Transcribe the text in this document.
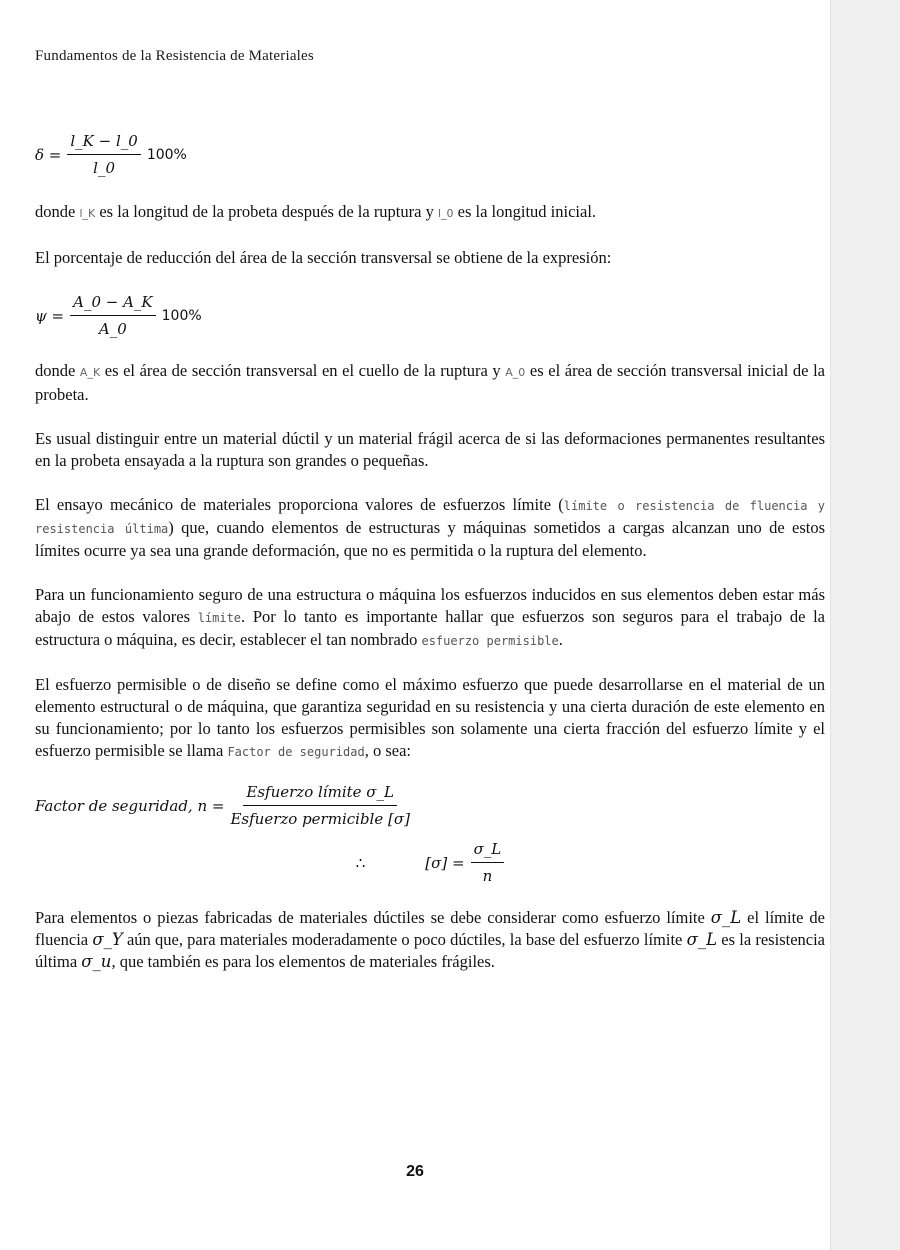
Fundamentos de la Resistencia de Materiales
$\delta = \frac{l\_K - l\_0}{l\_0} 100\%$

donde l_K es la longitud de la probeta después de la ruptura y l_0 es la longitud inicial.

El porcentaje de reducción del área de la sección transversal se obtiene de la expresión:

$\psi = \frac{A\_0 - A\_K}{A\_0} 100\%$

donde A_K es el área de sección transversal en el cuello de la ruptura y A_0 es el área de sección transversal inicial de la probeta.

Es usual distinguir entre un material dúctil y un material frágil acerca de si las deformaciones permanentes resultantes en la probeta ensayada a la ruptura son grandes o pequeñas.

El ensayo mecánico de materiales proporciona valores de esfuerzos límite (límite o resistencia de fluencia y resistencia última) que, cuando elementos de estructuras y máquinas sometidos a cargas alcanzan uno de estos límites ocurre ya sea una grande deformación, que no es permitida o la ruptura del elemento.

Para un funcionamiento seguro de una estructura o máquina los esfuerzos inducidos en sus elementos deben estar más abajo de estos valores límite. Por lo tanto es importante hallar que esfuerzos son seguros para el trabajo de la estructura o máquina, es decir, establecer el tan nombrado esfuerzo permisible.

El esfuerzo permisible o de diseño se define como el máximo esfuerzo que puede desarrollarse en el material de un elemento estructural o de máquina, que garantiza seguridad en su resistencia y una cierta duración de este elemento en su funcionamiento; por lo tanto los esfuerzos permisibles son solamente una cierta fracción del esfuerzo límite y el esfuerzo permisible se llama Factor de seguridad, o sea:

Factor de seguridad, $n = \frac{\text{Esfuerzo límite σ\_L}}{\text{Esfuerzo permicible [σ]}}$
∴	$[\sigma] = \frac{\sigma\_L}{n}$

Para elementos o piezas fabricadas de materiales dúctiles se debe considerar como esfuerzo límite σ_L el límite de fluencia σ_Y aún que, para materiales moderadamente o poco dúctiles, la base del esfuerzo límite σ_L es la resistencia última σ_u, que también es para los elementos de materiales frágiles.

26
